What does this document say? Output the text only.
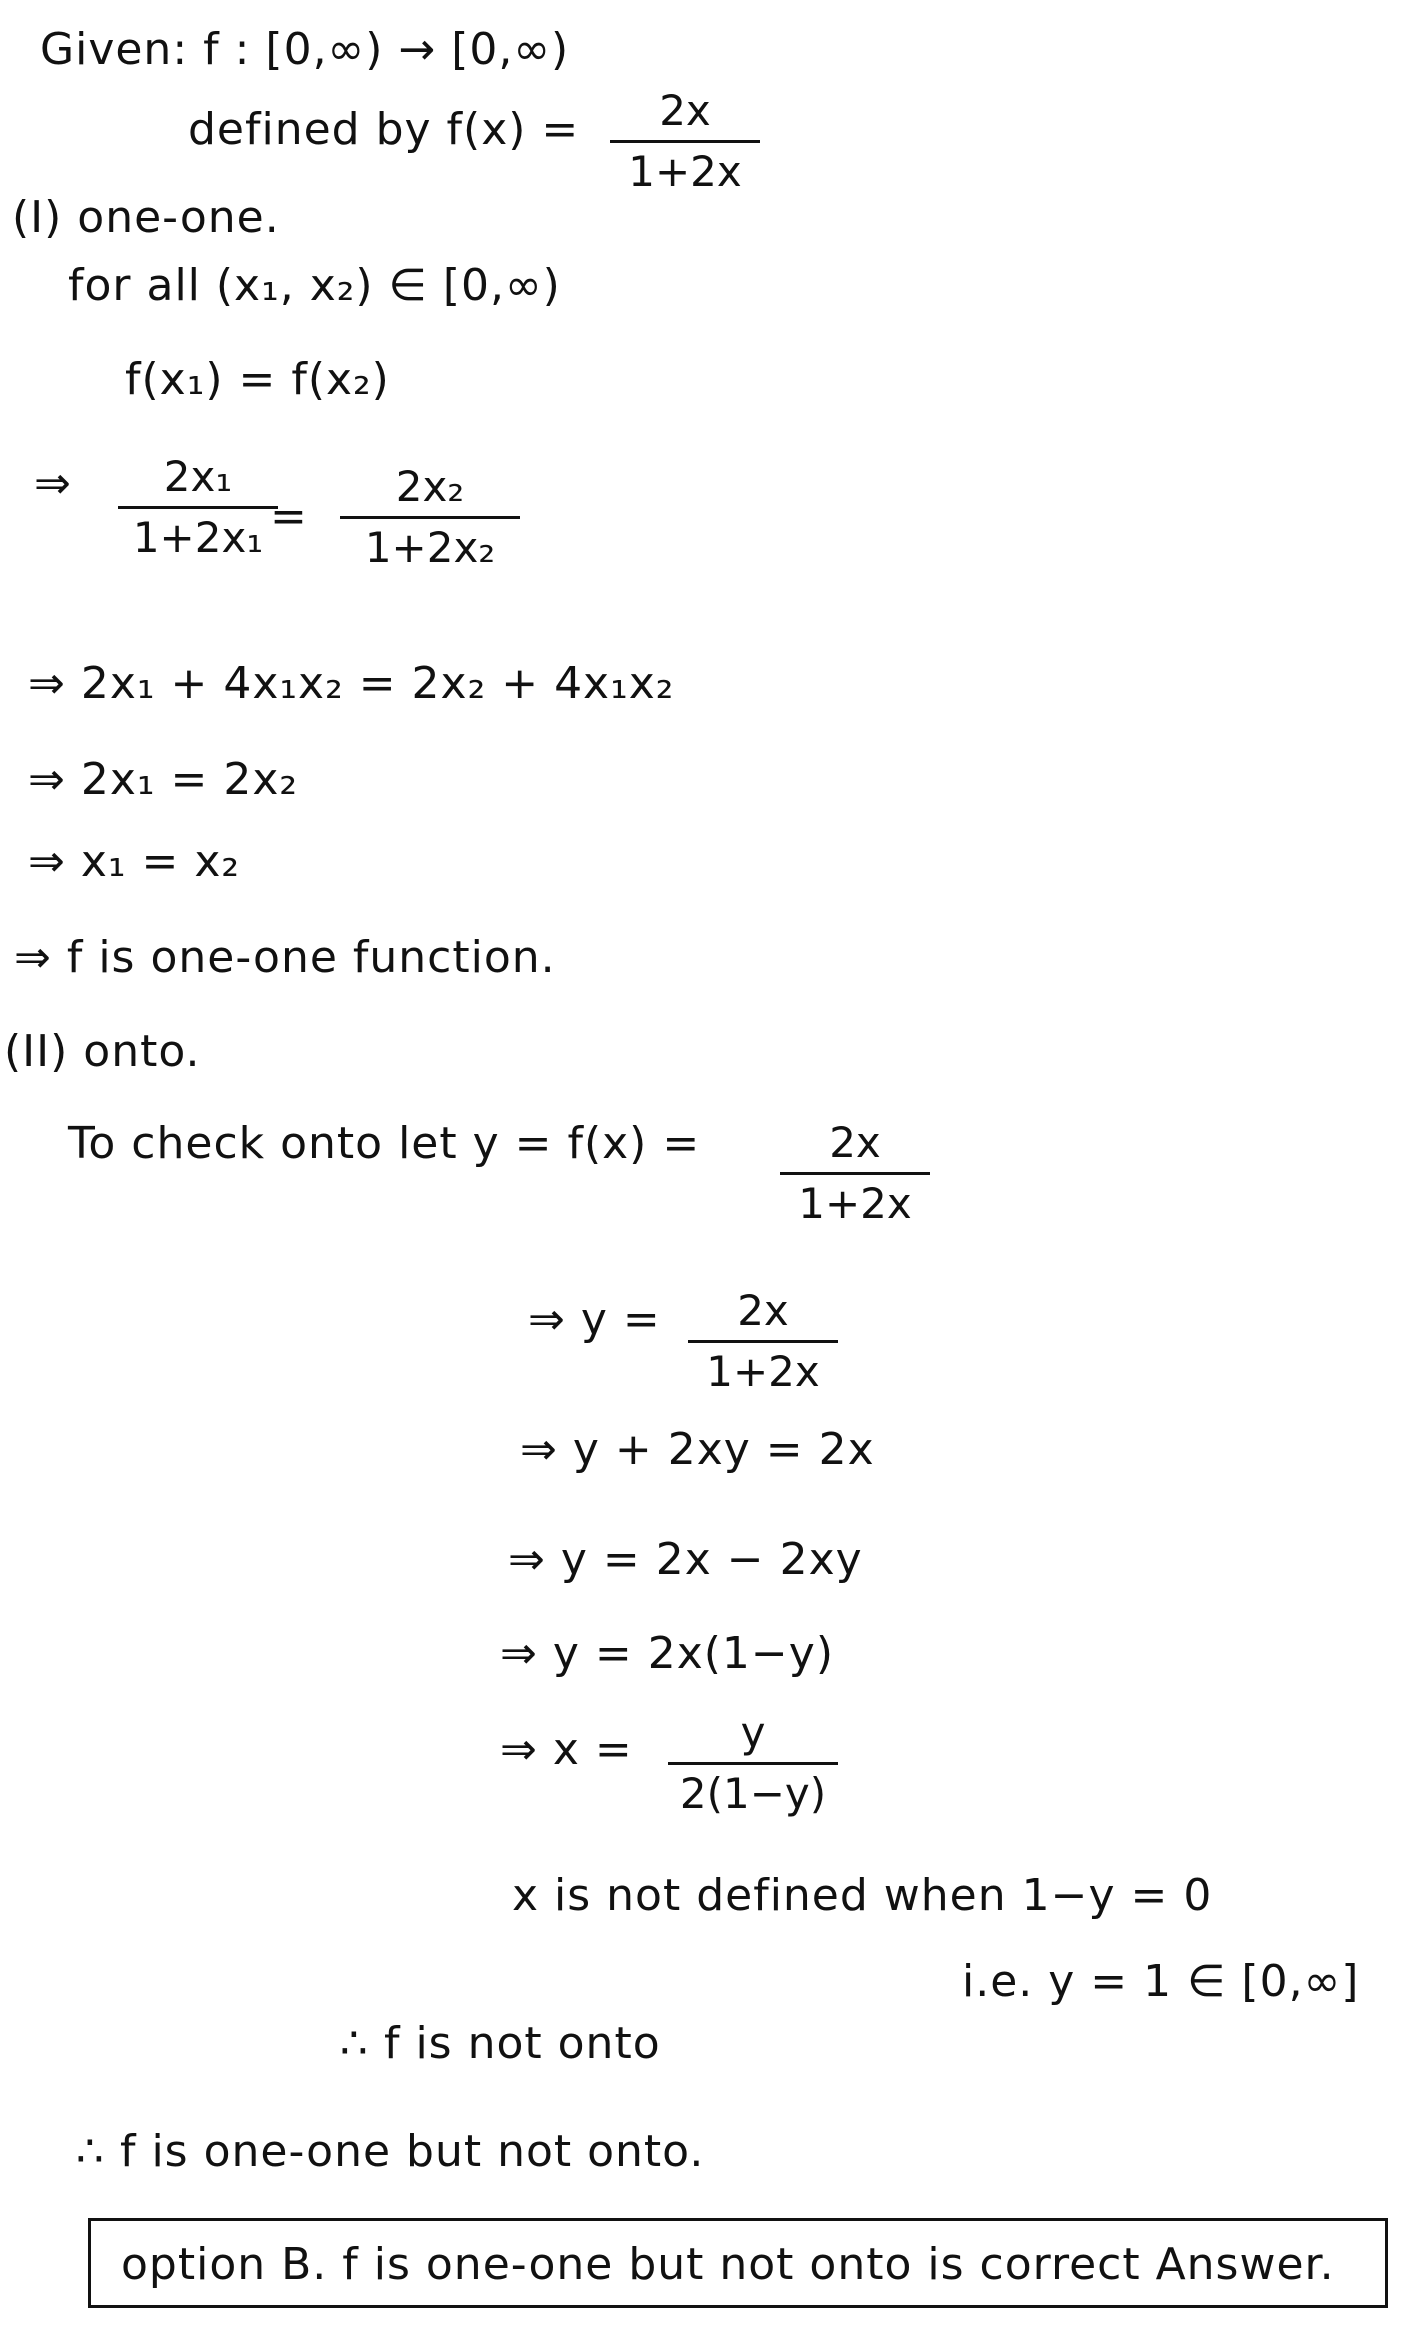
Given: f : [0,∞) → [0,∞)
defined by f(x) =	2x
1+2x
(I) one-one.
for all (x₁, x₂) ∈ [0,∞)
f(x₁) = f(x₂)
⇒	2x₁
1+2x₁ =
2x₂
1+2x₂
⇒ 2x₁ + 4x₁x₂ = 2x₂ + 4x₁x₂
⇒ 2x₁ = 2x₂
⇒ x₁ = x₂
⇒ f is one-one function.
(II) onto.
To check onto let y = f(x) =	2x
1+2x
⇒ y =	2x
1+2x
⇒ y + 2xy = 2x
⇒ y = 2x − 2xy
⇒ y = 2x(1−y)
⇒ x =	y
2(1−y)
x is not defined when 1−y = 0
i.e. y = 1 ∈ [0,∞]
∴ f is not onto
∴ f is one-one but not onto.
option B. f is one-one but not onto is correct Answer.
